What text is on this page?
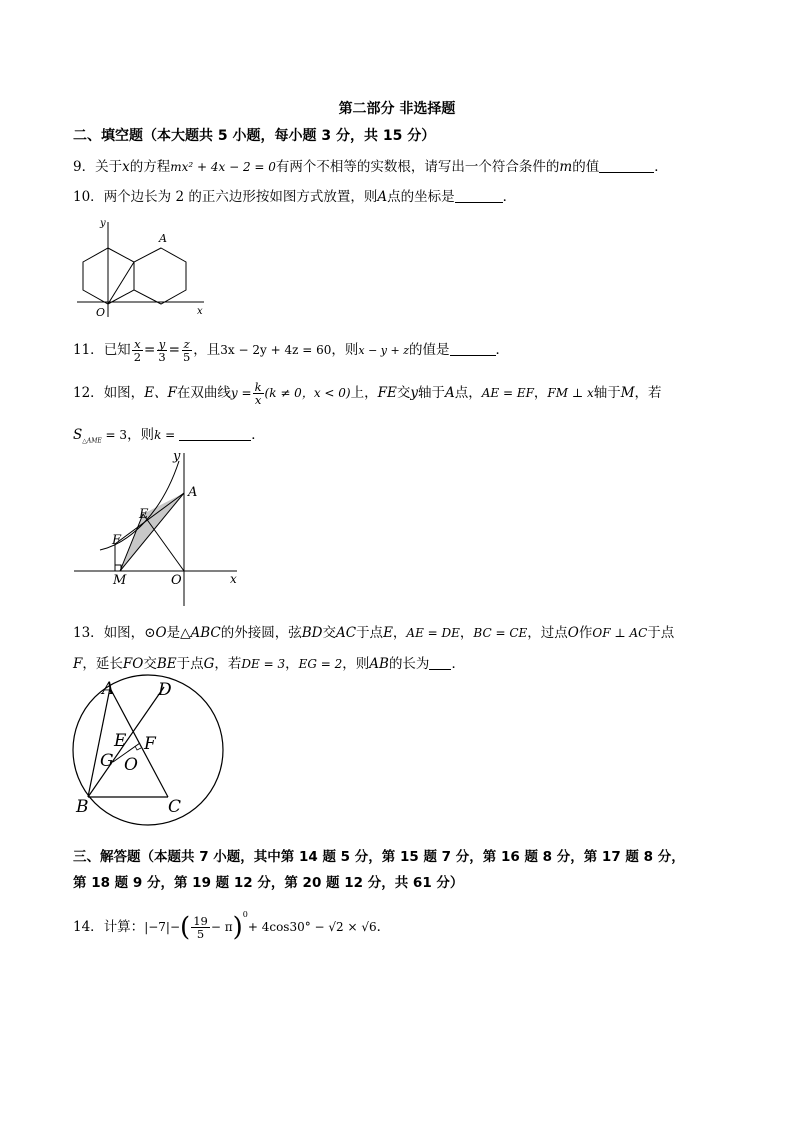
第二部分 非选择题
二、填空题（本大题共 5 小题，每小题 3 分，共 15 分）
9．关于x的方程mx² + 4x − 2 = 0有两个不相等的实数根，请写出一个符合条件的m的值	．
10．两个边长为 2 的正六边形按如图方式放置，则A点的坐标是	．
y
x
O
A
11．已知 $\frac{x}{2} = \frac{y}{3} = \frac{z}{5}$ ，且3x − 2y + 4z = 60，则x − y + z的值是	．
12．如图，E、F在双曲线$y = \frac{k}{x} (k \ne 0$，x < 0)上，FE交y轴于A点，AE = EF，FM ⊥ x轴于M，若
$S_{\triangle AME} = 3$，则k =	．
y
x
A
E
F
M	O
13．如图，⊙O是△ABC的外接圆，弦BD交AC于点E，AE = DE，BC = CE，过点O作OF ⊥ AC于点
F，延长FO交BE于点G，若DE = 3，EG = 2，则AB的长为 ．
A	D
E F
G O
B	C
三、解答题（本题共 7 小题，其中第 14 题 5 分，第 15 题 7 分，第 16 题 8 分，第 17 题 8 分，
第 18 题 9 分，第 19 题 12 分，第 20 题 12 分，共 61 分）
14．计算：$|-7|-( \frac{19}{5} - \pi)^0+ 4\cos 30^\circ - √2 \times √6$．
